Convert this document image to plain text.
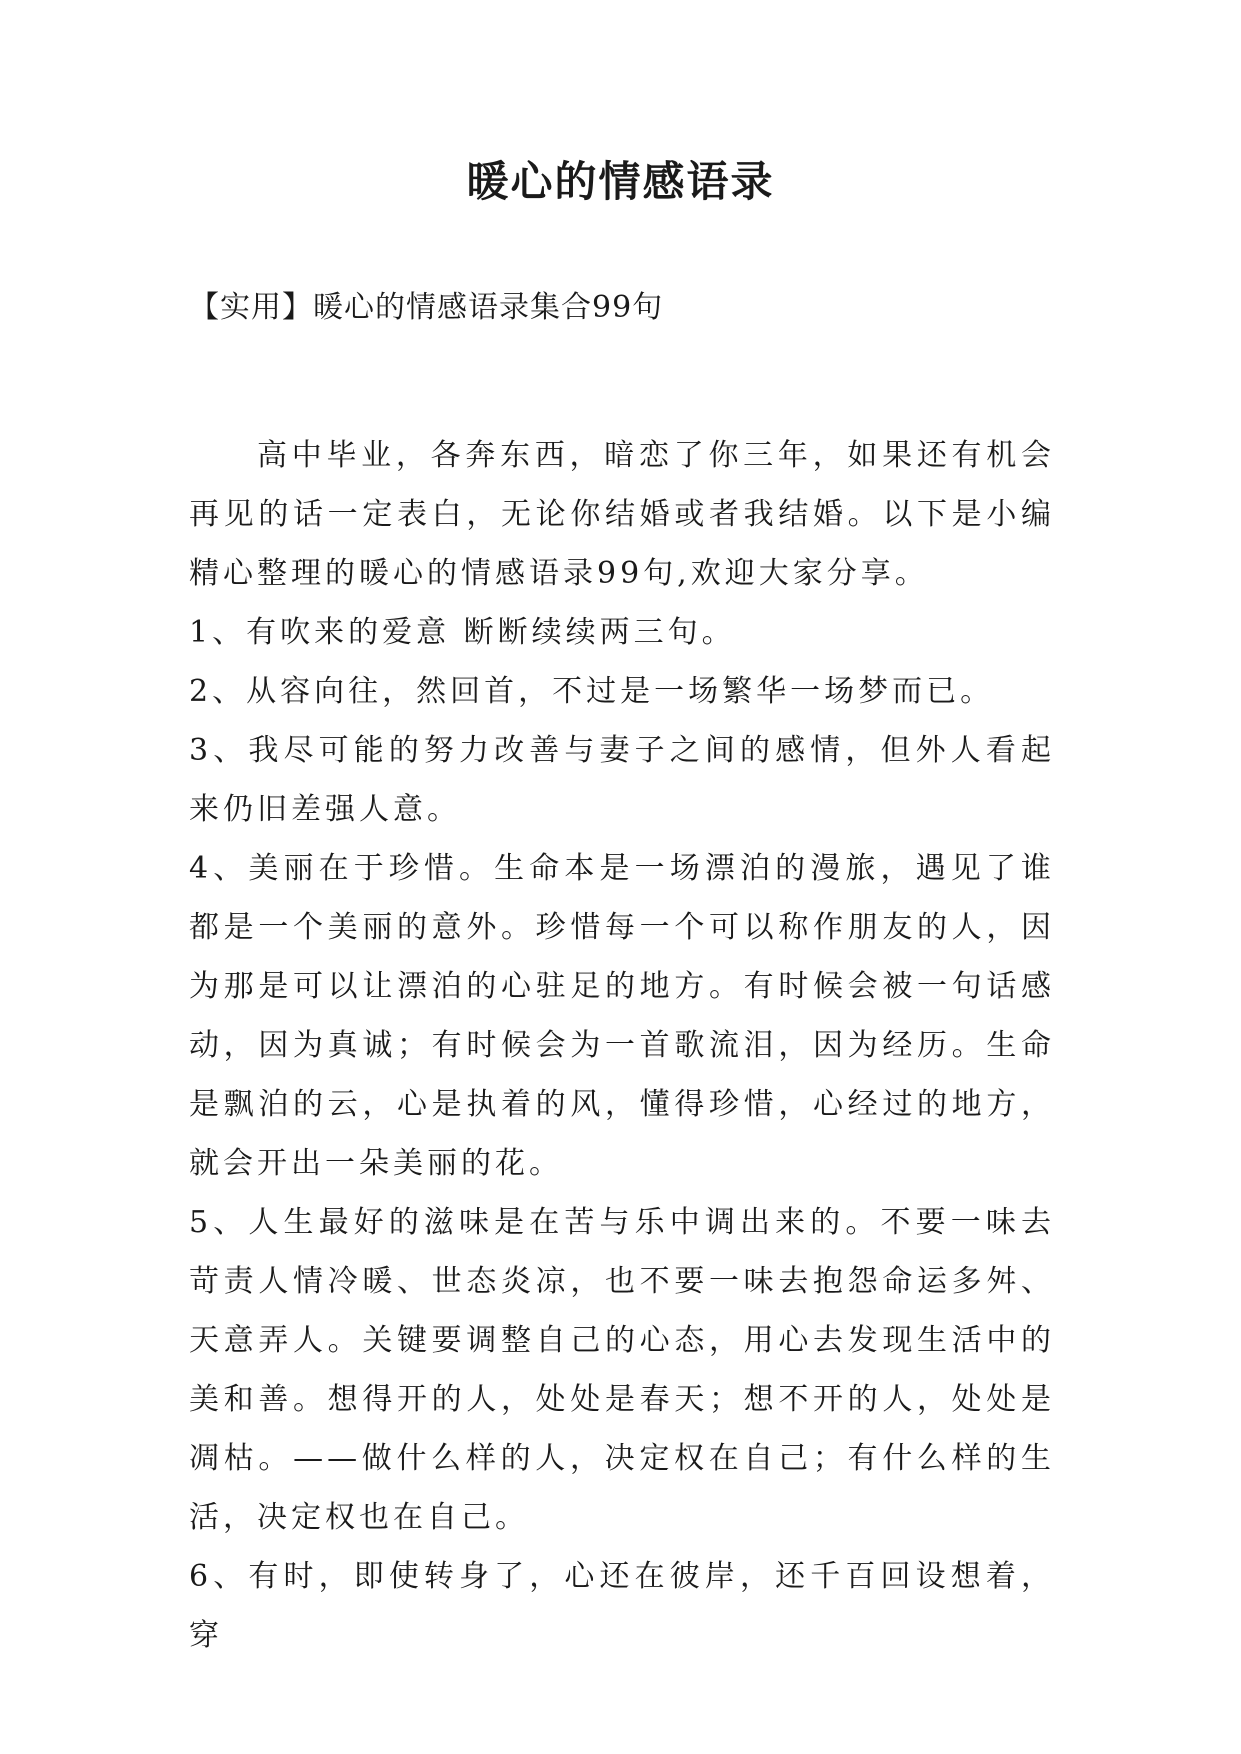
暖心的情感语录

【实用】暖心的情感语录集合99句

高中毕业，各奔东西，暗恋了你三年，如果还有机会再见的话一定表白，无论你结婚或者我结婚。以下是小编精心整理的暖心的情感语录99句,欢迎大家分享。

1、有吹来的爱意 断断续续两三句。

2、从容向往，然回首，不过是一场繁华一场梦而已。

3、我尽可能的努力改善与妻子之间的感情，但外人看起来仍旧差强人意。

4、美丽在于珍惜。生命本是一场漂泊的漫旅，遇见了谁都是一个美丽的意外。珍惜每一个可以称作朋友的人，因为那是可以让漂泊的心驻足的地方。有时候会被一句话感动，因为真诚；有时候会为一首歌流泪，因为经历。生命是飘泊的云，心是执着的风，懂得珍惜，心经过的地方，就会开出一朵美丽的花。

5、人生最好的滋味是在苦与乐中调出来的。不要一味去苛责人情冷暖、世态炎凉，也不要一味去抱怨命运多舛、天意弄人。关键要调整自己的心态，用心去发现生活中的美和善。想得开的人，处处是春天；想不开的人，处处是凋枯。——做什么样的人，决定权在自己；有什么样的生活，决定权也在自己。

6、有时，即使转身了，心还在彼岸，还千百回设想着，穿
